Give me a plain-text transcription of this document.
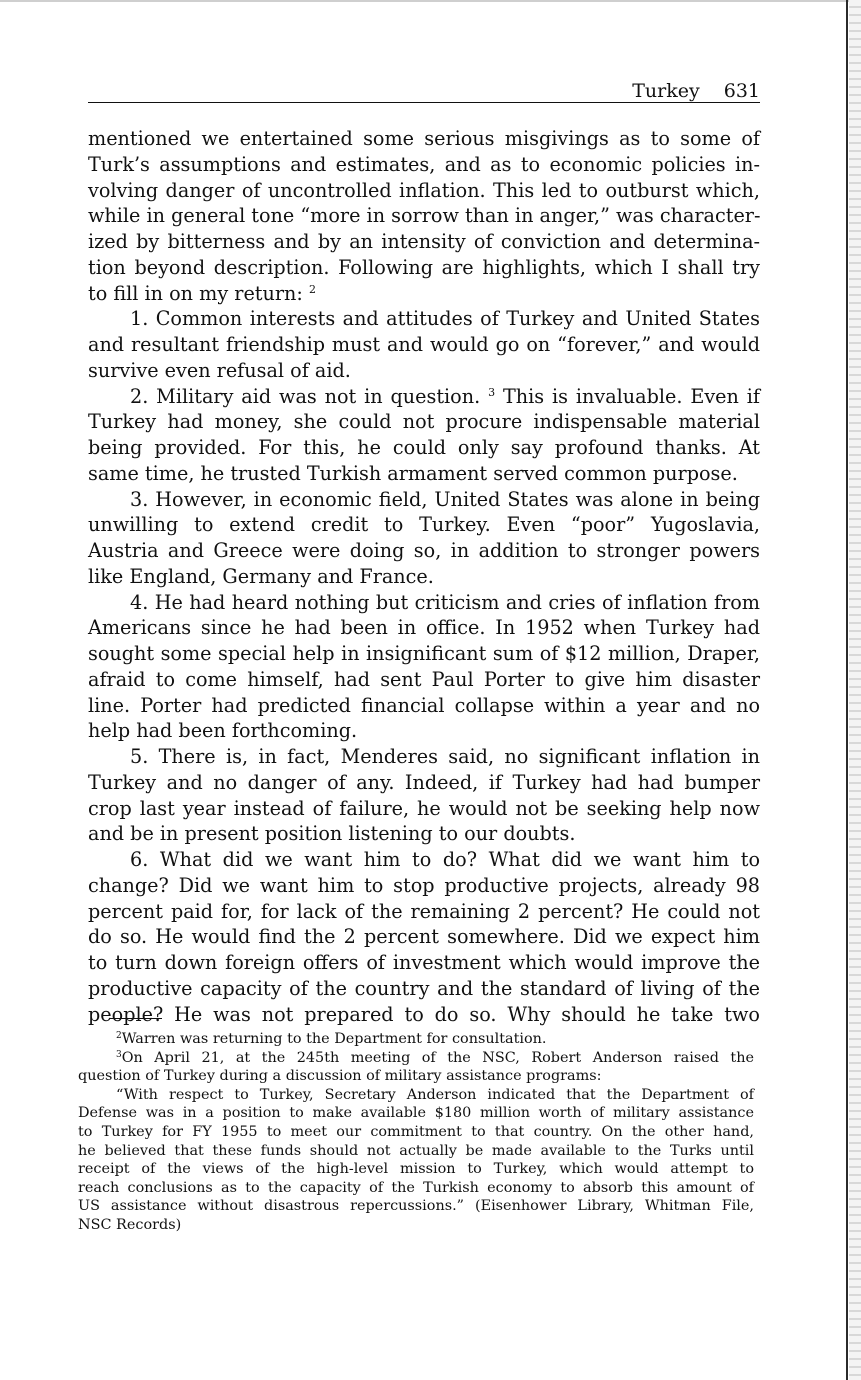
Turkey 631
mentioned we entertained some serious misgivings as to some of
Turk’s assumptions and estimates, and as to economic policies in-
volving danger of uncontrolled inflation. This led to outburst which,
while in general tone “more in sorrow than in anger,” was character-
ized by bitterness and by an intensity of conviction and determina-
tion beyond description. Following are highlights, which I shall try
to fill in on my return: $^2$
1. Common interests and attitudes of Turkey and United States
and resultant friendship must and would go on “forever,” and would
survive even refusal of aid.
2. Military aid was not in question. $^3$ This is invaluable. Even if
Turkey had money, she could not procure indispensable material
being provided. For this, he could only say profound thanks. At
same time, he trusted Turkish armament served common purpose.
3. However, in economic field, United States was alone in being
unwilling to extend credit to Turkey. Even “poor” Yugoslavia,
Austria and Greece were doing so, in addition to stronger powers
like England, Germany and France.
4. He had heard nothing but criticism and cries of inflation from
Americans since he had been in office. In 1952 when Turkey had
sought some special help in insignificant sum of $12 million, Draper,
afraid to come himself, had sent Paul Porter to give him disaster
line. Porter had predicted financial collapse within a year and no
help had been forthcoming.
5. There is, in fact, Menderes said, no significant inflation in
Turkey and no danger of any. Indeed, if Turkey had had bumper
crop last year instead of failure, he would not be seeking help now
and be in present position listening to our doubts.
6. What did we want him to do? What did we want him to
change? Did we want him to stop productive projects, already 98
percent paid for, for lack of the remaining 2 percent? He could not
do so. He would find the 2 percent somewhere. Did we expect him
to turn down foreign offers of investment which would improve the
productive capacity of the country and the standard of living of the
people? He was not prepared to do so. Why should he take two
$^2$Warren was returning to the Department for consultation.
$^3$On April 21, at the 245th meeting of the NSC, Robert Anderson raised the
question of Turkey during a discussion of military assistance programs:
“With respect to Turkey, Secretary Anderson indicated that the Department of
Defense was in a position to make available $180 million worth of military assistance
to Turkey for FY 1955 to meet our commitment to that country. On the other hand,
he believed that these funds should not actually be made available to the Turks until
receipt of the views of the high-level mission to Turkey, which would attempt to
reach conclusions as to the capacity of the Turkish economy to absorb this amount of
US assistance without disastrous repercussions.” (Eisenhower Library, Whitman File,
NSC Records)
